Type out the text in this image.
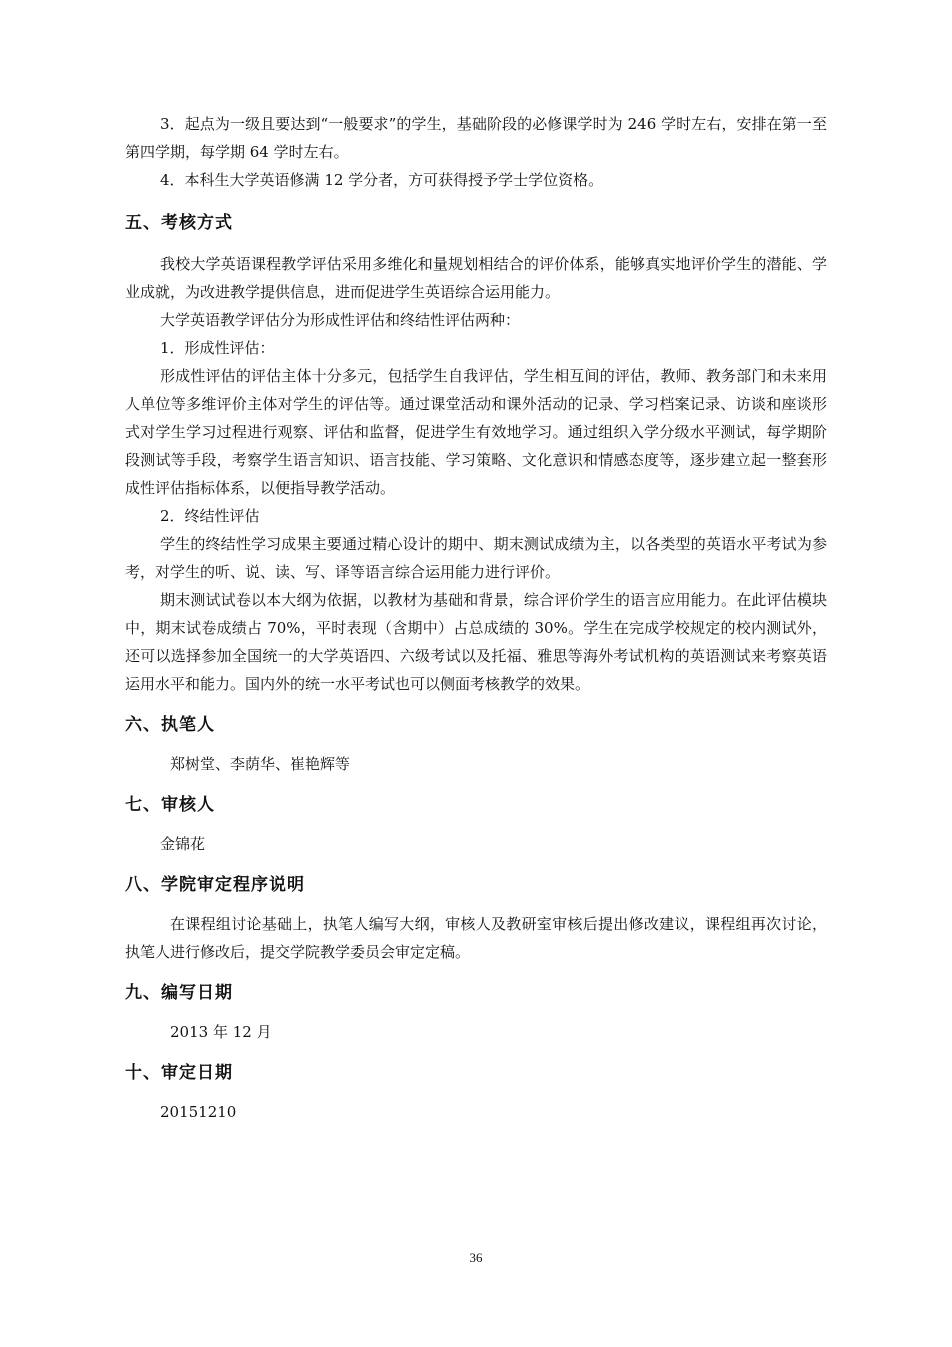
3．起点为一级且要达到“一般要求”的学生，基础阶段的必修课学时为 246 学时左右，安排在第一至第四学期，每学期 64 学时左右。

4．本科生大学英语修满 12 学分者，方可获得授予学士学位资格。

五、考核方式

我校大学英语课程教学评估采用多维化和量规划相结合的评价体系，能够真实地评价学生的潜能、学业成就，为改进教学提供信息，进而促进学生英语综合运用能力。

大学英语教学评估分为形成性评估和终结性评估两种：

1．形成性评估：

形成性评估的评估主体十分多元，包括学生自我评估，学生相互间的评估，教师、教务部门和未来用人单位等多维评价主体对学生的评估等。通过课堂活动和课外活动的记录、学习档案记录、访谈和座谈形式对学生学习过程进行观察、评估和监督，促进学生有效地学习。通过组织入学分级水平测试，每学期阶段测试等手段，考察学生语言知识、语言技能、学习策略、文化意识和情感态度等，逐步建立起一整套形成性评估指标体系，以便指导教学活动。

2．终结性评估

学生的终结性学习成果主要通过精心设计的期中、期末测试成绩为主，以各类型的英语水平考试为参考，对学生的听、说、读、写、译等语言综合运用能力进行评价。

期末测试试卷以本大纲为依据，以教材为基础和背景，综合评价学生的语言应用能力。在此评估模块中，期末试卷成绩占 70%，平时表现（含期中）占总成绩的 30%。学生在完成学校规定的校内测试外，还可以选择参加全国统一的大学英语四、六级考试以及托福、雅思等海外考试机构的英语测试来考察英语运用水平和能力。国内外的统一水平考试也可以侧面考核教学的效果。

六、执笔人

郑树堂、李荫华、崔艳辉等

七、审核人

金锦花

八、学院审定程序说明

在课程组讨论基础上，执笔人编写大纲，审核人及教研室审核后提出修改建议，课程组再次讨论，执笔人进行修改后，提交学院教学委员会审定定稿。

九、编写日期

2013 年 12 月

十、审定日期

20151210

36
